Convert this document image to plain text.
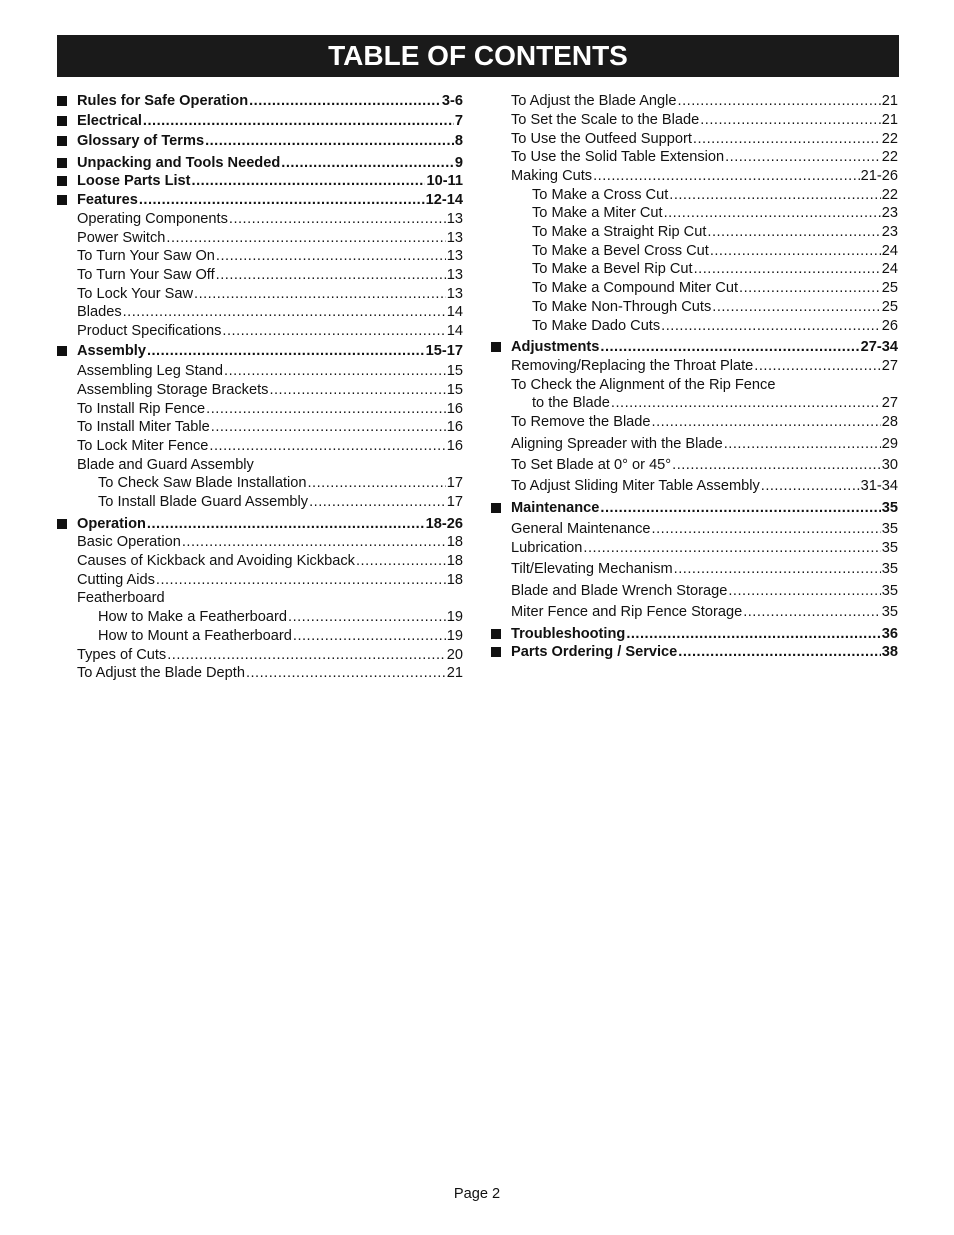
TABLE OF CONTENTS
Rules for Safe Operation .....	3-6
Electrical .....	7
Glossary of Terms .....	8
Unpacking and Tools Needed .....	9
Loose Parts List .....	10-11
Features .....	12-14
Operating Components .....	13
Power Switch .....	13
To Turn Your Saw On .....	13
To Turn Your Saw Off .....	13
To Lock Your Saw .....	13
Blades .....	14
Product Specifications .....	14
Assembly .....	15-17
Assembling Leg Stand .....	15
Assembling Storage Brackets .....	15
To Install Rip Fence .....	16
To Install Miter Table .....	16
To Lock Miter Fence .....	16
Blade and Guard Assembly
To Check Saw Blade Installation .....	17
To Install Blade Guard Assembly .....	17
Operation .....	18-26
Basic Operation .....	18
Causes of Kickback and Avoiding Kickback .....	18
Cutting Aids .....	18
Featherboard
How to Make a Featherboard .....	19
How to Mount a Featherboard .....	19
Types of Cuts .....	20
To Adjust the Blade Depth .....	21
To Adjust the Blade Angle .....	21
To Set the Scale to the Blade .....	21
To Use the Outfeed Support .....	22
To Use the Solid Table Extension .....	22
Making Cuts .....	21-26
To Make a Cross Cut .....	22
To Make a Miter Cut .....	23
To Make a Straight Rip Cut .....	23
To Make a Bevel Cross Cut .....	24
To Make a Bevel Rip Cut .....	24
To Make a Compound Miter Cut .....	25
To Make Non-Through Cuts .....	25
To Make Dado Cuts .....	26
Adjustments .....	27-34
Removing/Replacing the Throat Plate .....	27
To Check the Alignment of the Rip Fence
to the Blade .....	27
To Remove the Blade .....	28
Aligning Spreader with the Blade .....	29
To Set Blade at 0° or 45° .....	30
To Adjust Sliding Miter Table Assembly .....	31-34
Maintenance .....	35
General Maintenance .....	35
Lubrication .....	35
Tilt/Elevating Mechanism .....	35
Blade and Blade Wrench Storage .....	35
Miter Fence and Rip Fence Storage .....	35
Troubleshooting .....	36
Parts Ordering / Service .....	38
Page 2
